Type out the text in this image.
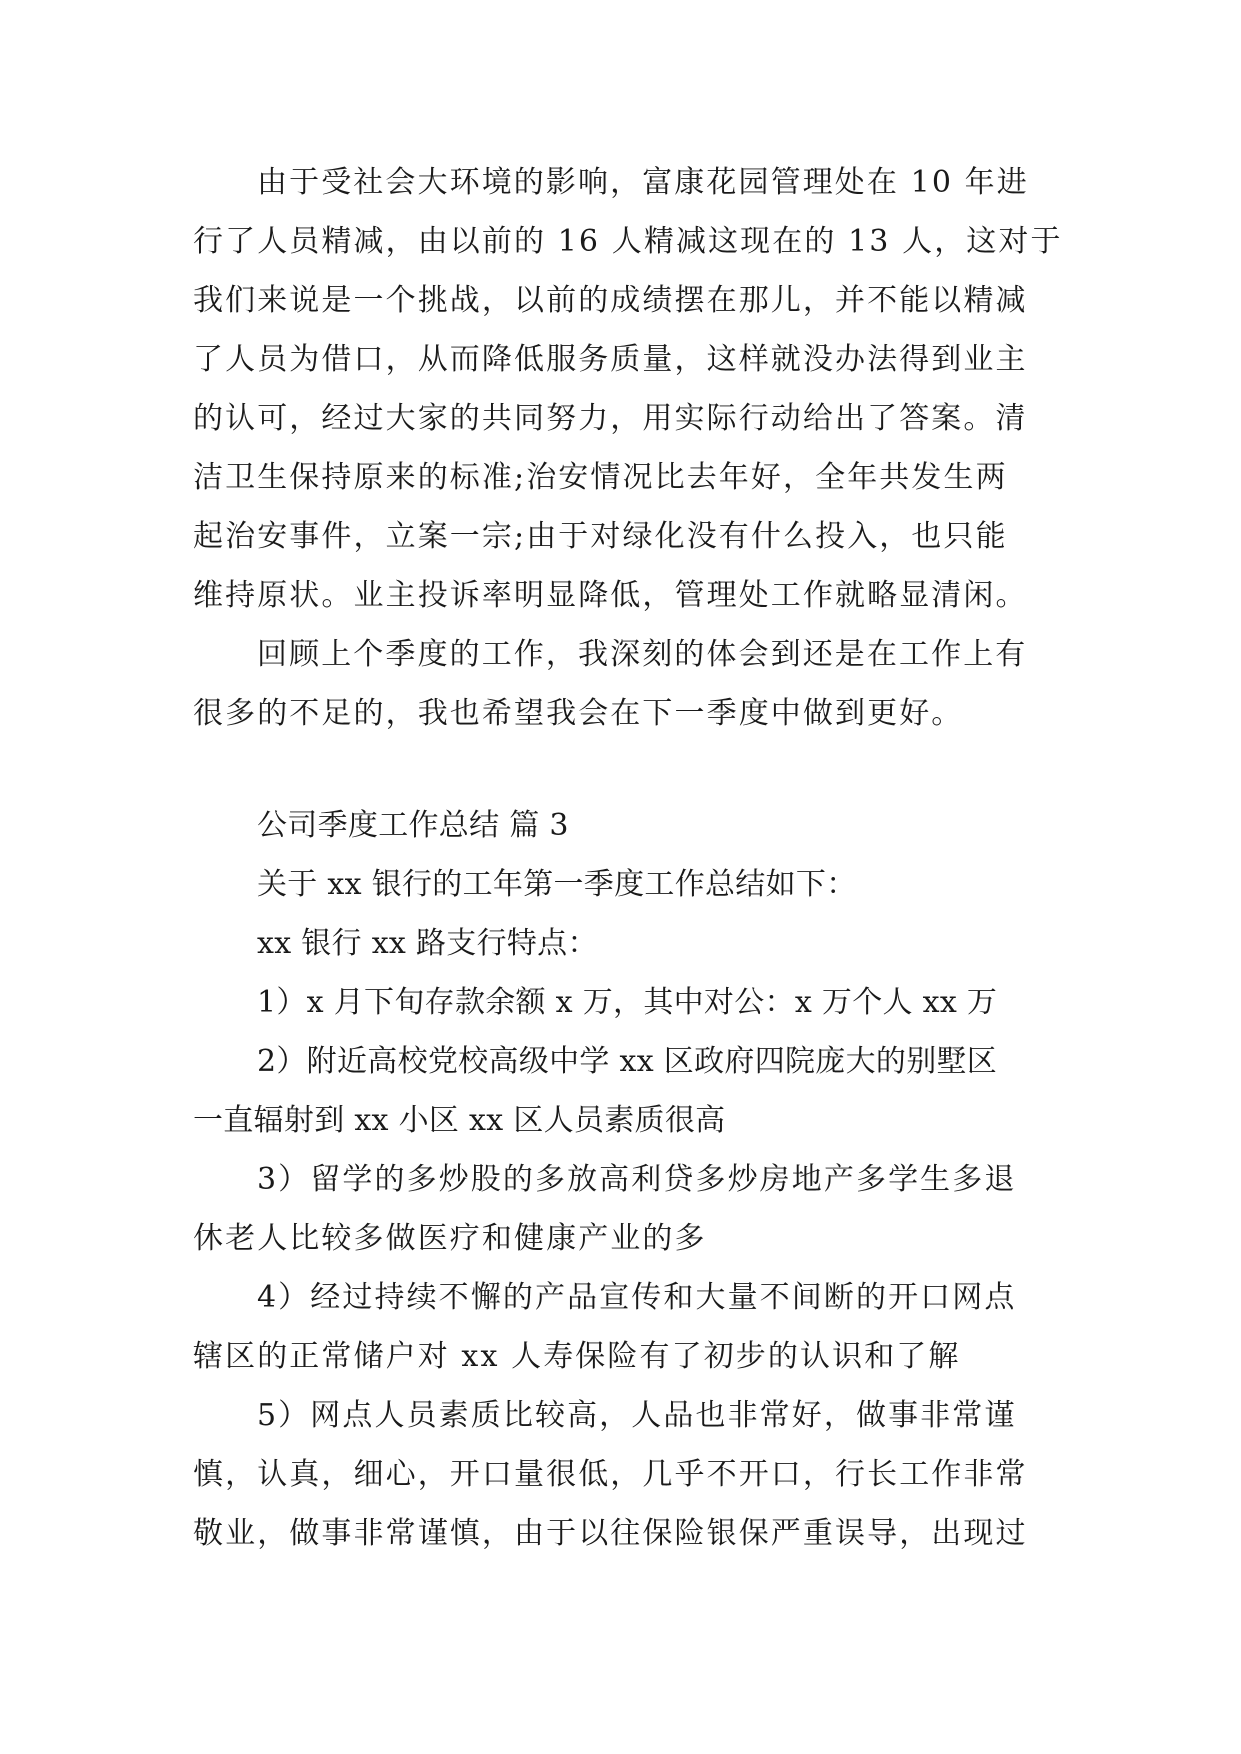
由于受社会大环境的影响，富康花园管理处在 10 年进

行了人员精减，由以前的 16 人精减这现在的 13 人，这对于

我们来说是一个挑战，以前的成绩摆在那儿，并不能以精减

了人员为借口，从而降低服务质量，这样就没办法得到业主

的认可，经过大家的共同努力，用实际行动给出了答案。清

洁卫生保持原来的标准;治安情况比去年好，全年共发生两

起治安事件，立案一宗;由于对绿化没有什么投入，也只能

维持原状。业主投诉率明显降低，管理处工作就略显清闲。

回顾上个季度的工作，我深刻的体会到还是在工作上有

很多的不足的，我也希望我会在下一季度中做到更好。

公司季度工作总结 篇 3

关于 xx 银行的工年第一季度工作总结如下：

xx 银行 xx 路支行特点：

1）x 月下旬存款余额 x 万，其中对公：x 万个人 xx 万

2）附近高校党校高级中学 xx 区政府四院庞大的别墅区

一直辐射到 xx 小区 xx 区人员素质很高

3）留学的多炒股的多放高利贷多炒房地产多学生多退

休老人比较多做医疗和健康产业的多

4）经过持续不懈的产品宣传和大量不间断的开口网点

辖区的正常储户对 xx 人寿保险有了初步的认识和了解

5）网点人员素质比较高，人品也非常好，做事非常谨

慎，认真，细心，开口量很低，几乎不开口，行长工作非常

敬业，做事非常谨慎，由于以往保险银保严重误导，出现过
